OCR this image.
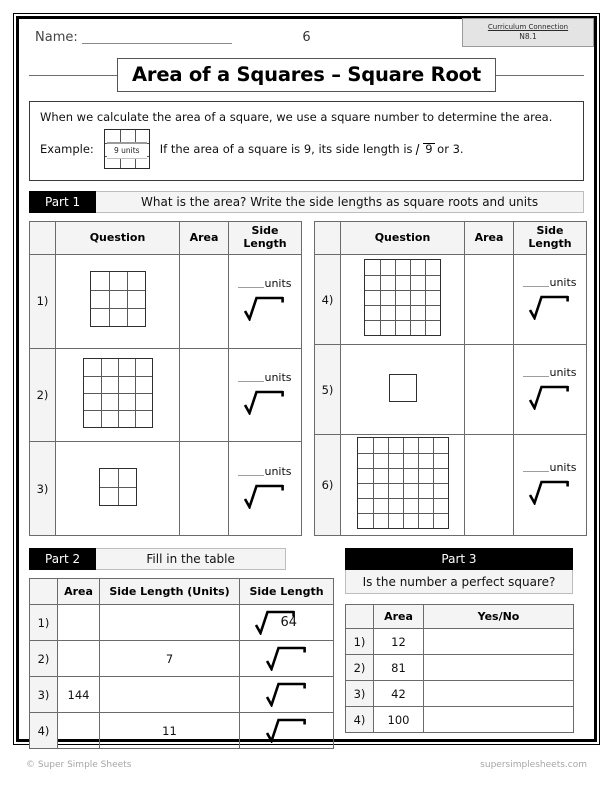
Name:	6
Curriculum Connection
N8.1
Area of a Squares – Square Root
When we calculate the area of a square, we use a square number to determine the area.
Example:	9 units	If the area of a square is 9, its side length is 9 or 3.
Part 1	What is the area? Write the side lengths as square roots and units
	Question	Area	Side Length
1)			units

2)			units

3)			units
	Question	Area	Side Length
4)			units

5)			units

6)			units
Part 2	Fill in the table
	Area	Side Length (Units)	Side Length
1)			64

2)		7	

3)	144		

4)		11	
Part 3
Is the number a perfect square?
	Area	Yes/No
1)	12	
2)	81	
3)	42	
4)	100	
© Super Simple Sheets	supersimplesheets.com
